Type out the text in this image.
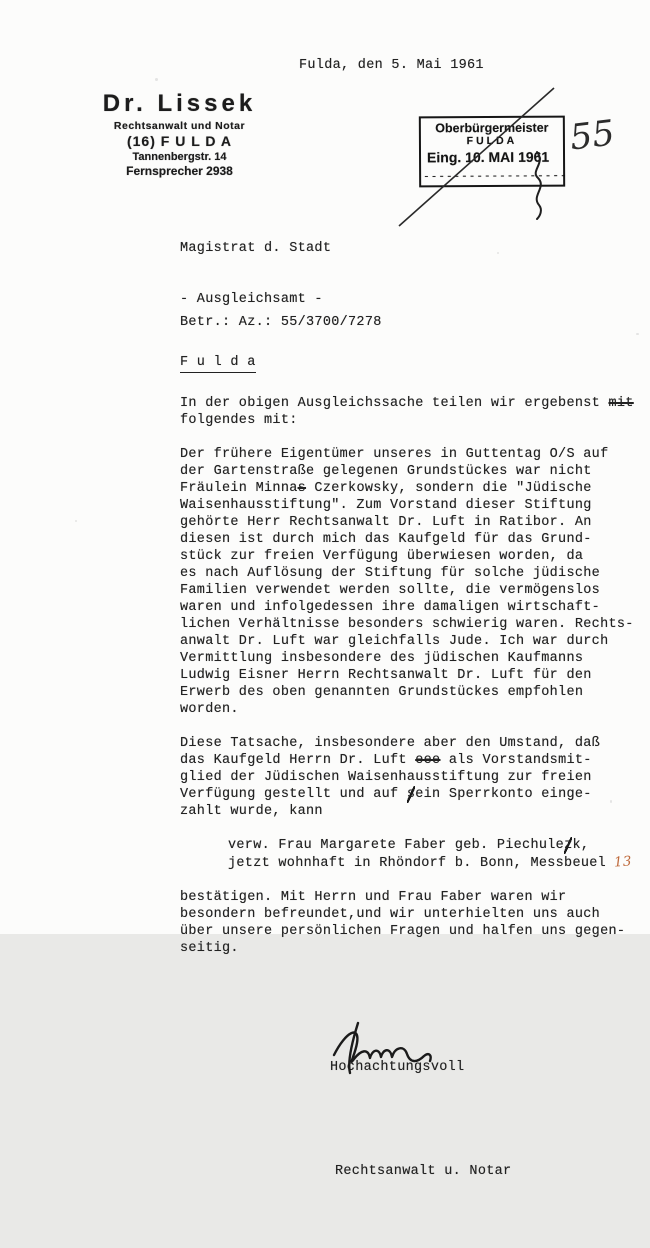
Fulda, den 5. Mai 1961
Dr. Lissek
Rechtsanwalt und Notar
(16) F U L D A
Tannenbergstr. 14
Fernsprecher 2938
Oberbürgermeister
FULDA
Eing. 10. MAI 1961
-------------------
55

Magistrat d. Stadt

- Ausgleichsamt -

F u l d a

Betr.: Az.: 55/3700/7278

In der obigen Ausgleichssache teilen wir ergebenst mit
folgendes mit:
Der frühere Eigentümer unseres in Guttentag O/S auf
der Gartenstraße gelegenen Grundstückes war nicht
Fräulein Minnas Czerkowsky, sondern die "Jüdische
Waisenhausstiftung". Zum Vorstand dieser Stiftung
gehörte Herr Rechtsanwalt Dr. Luft in Ratibor. An
diesen ist durch mich das Kaufgeld für das Grund-
stück zur freien Verfügung überwiesen worden, da
es nach Auflösung der Stiftung für solche jüdische
Familien verwendet werden sollte, die vermögenslos
waren und infolgedessen ihre damaligen wirtschaft-
lichen Verhältnisse besonders schwierig waren. Rechts-
anwalt Dr. Luft war gleichfalls Jude. Ich war durch
Vermittlung insbesondere des jüdischen Kaufmanns
Ludwig Eisner Herrn Rechtsanwalt Dr. Luft für den
Erwerb des oben genannten Grundstückes empfohlen
worden.
Diese Tatsache, insbesondere aber den Umstand, daß
das Kaufgeld Herrn Dr. Luft eee als Vorstandsmit-
glied der Jüdischen Waisenhausstiftung zur freien
Verfügung gestellt und auf sein Sperrkonto einge-
zahlt wurde, kann
verw. Frau Margarete Faber geb. Piechulezk,
jetzt wohnhaft in Rhöndorf b. Bonn, Messbeuel 13
bestätigen. Mit Herrn und Frau Faber waren wir
besondern befreundet,und wir unterhielten uns auch
über unsere persönlichen Fragen und halfen uns gegen-
seitig.

Hochachtungsvoll

Rechtsanwalt u. Notar
